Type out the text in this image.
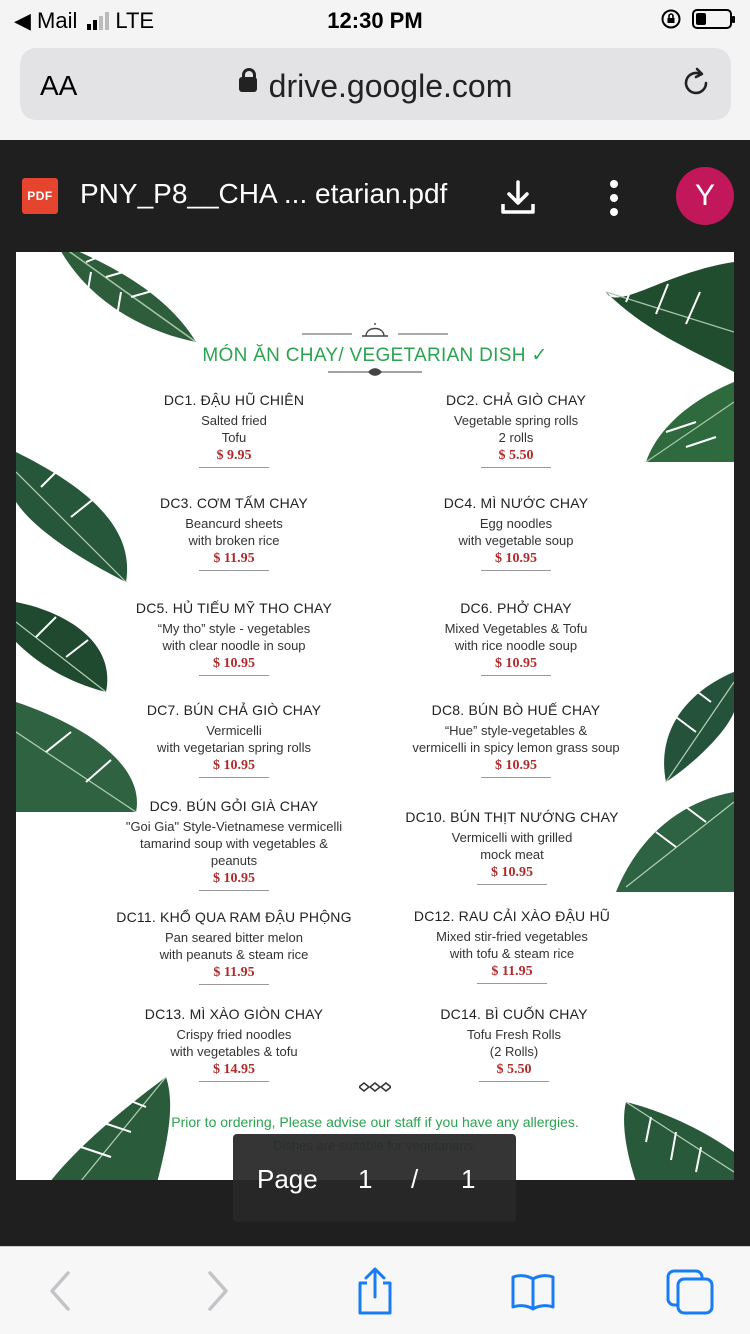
◀ Mail LTE	12:30 PM
AA	drive.google.com
PDF PNY_P8__CHA ... etarian.pdf	Y
MÓN ĂN CHAY/ VEGETARIAN DISH ✓
DC1. ĐẬU HŨ CHIÊN
Salted fried
Tofu
$ 9.95
DC2. CHẢ GIÒ CHAY
Vegetable spring rolls
2 rolls
$ 5.50
DC3. CƠM TẤM CHAY
Beancurd sheets
with broken rice
$ 11.95
DC4. MÌ NƯỚC CHAY
Egg noodles
with vegetable soup
$ 10.95
DC5. HỦ TIẾU MỸ THO CHAY
“My tho” style - vegetables
with clear noodle in soup
$ 10.95
DC6. PHỞ CHAY
Mixed Vegetables & Tofu
with rice noodle soup
$ 10.95
DC7. BÚN CHẢ GIÒ CHAY
Vermicelli
with vegetarian spring rolls
$ 10.95
DC8. BÚN BÒ HUẾ CHAY
“Hue” style-vegetables &
vermicelli in spicy lemon grass soup
$ 10.95
DC9. BÚN GỎI GIÀ CHAY
"Goi Gia" Style-Vietnamese vermicelli
tamarind soup with vegetables &
peanuts
$ 10.95
DC10. BÚN THỊT NƯỚNG CHAY
Vermicelli with grilled
mock meat
$ 10.95
DC11. KHỔ QUA RAM ĐẬU PHỘNG
Pan seared bitter melon
with peanuts & steam rice
$ 11.95
DC12. RAU CẢI XÀO ĐẬU HŨ
Mixed stir-fried vegetables
with tofu & steam rice
$ 11.95
DC13. MÌ XÀO GIÒN CHAY
Crispy fried noodles
with vegetables & tofu
$ 14.95
DC14. BÌ CUỐN CHAY
Tofu Fresh Rolls
(2 Rolls)
$ 5.50
Prior to ordering, Please advise our staff if you have any allergies.
Page 1 / 1
